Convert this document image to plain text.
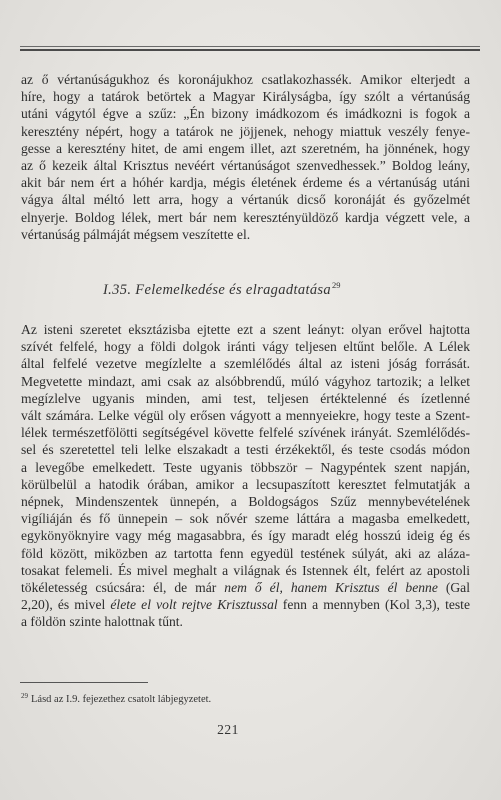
az ő vértanúságukhoz és koronájukhoz csatlakozhassék. Amikor elterjedt a
híre, hogy a tatárok betörtek a Magyar Királyságba, így szólt a vértanúság
utáni vágytól égve a szűz: „Én bizony imádkozom és imádkozni is fogok a
keresztény népért, hogy a tatárok ne jöjjenek, nehogy miattuk veszély fenye-
gesse a keresztény hitet, de ami engem illet, azt szeretném, ha jönnének, hogy
az ő kezeik által Krisztus nevéért vértanúságot szenvedhessek.” Boldog leány,
akit bár nem ért a hóhér kardja, mégis életének érdeme és a vértanúság utáni
vágya által méltó lett arra, hogy a vértanúk dicső koronáját és győzelmét
elnyerje. Boldog lélek, mert bár nem keresztényüldöző kardja végzett vele, a
vértanúság pálmáját mégsem veszítette el.
I.35. Felemelkedése és elragadtatása$^{29}$
Az isteni szeretet eksztázisba ejtette ezt a szent leányt: olyan erővel hajtotta
szívét felfelé, hogy a földi dolgok iránti vágy teljesen eltűnt belőle. A Lélek
által felfelé vezetve megízlelte a szemlélődés által az isteni jóság forrását.
Megvetette mindazt, ami csak az alsóbbrendű, múló vágyhoz tartozik; a lelket
megízlelve ugyanis minden, ami test, teljesen értéktelenné és ízetlenné
vált számára. Lelke végül oly erősen vágyott a mennyeiekre, hogy teste a Szent-
lélek természetfölötti segítségével követte felfelé szívének irányát. Szemlélődés-
sel és szeretettel teli lelke elszakadt a testi érzékektől, és teste csodás módon
a levegőbe emelkedett. Teste ugyanis többször – Nagypéntek szent napján,
körülbelül a hatodik órában, amikor a lecsupaszított keresztet felmutatják a
népnek, Mindenszentek ünnepén, a Boldogságos Szűz mennybevételének
vigíliáján és fő ünnepein – sok nővér szeme láttára a magasba emelkedett,
egykönyöknyire vagy még magasabbra, és így maradt elég hosszú ideig ég és
föld között, miközben az tartotta fenn egyedül testének súlyát, aki az aláza-
tosakat felemeli. És mivel meghalt a világnak és Istennek élt, felért az apostoli
tökéletesség csúcsára: él, de már nem ő él, hanem Krisztus él benne (Gal
2,20), és mivel élete el volt rejtve Krisztussal fenn a mennyben (Kol 3,3), teste
a földön szinte halottnak tűnt.
$^{29}$ Lásd az I.9. fejezethez csatolt lábjegyzetet.
221
